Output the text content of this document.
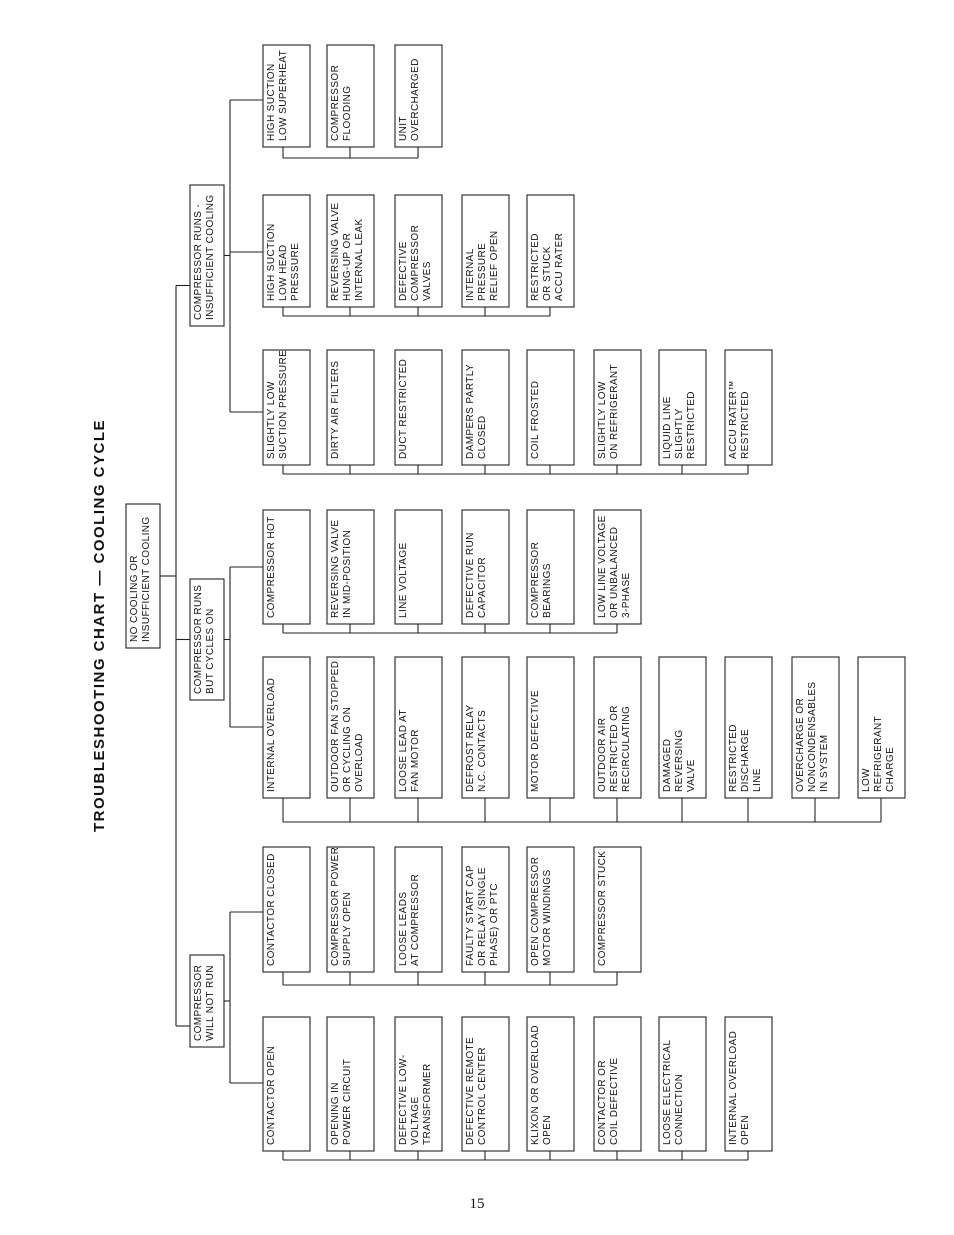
NO COOLING OR INSUFFICIENT COOLING
COMPRESSOR WILL NOT RUN
CONTACTOR CLOSED	COMPRESSOR POWER SUPPLY OPEN	LOOSE LEADS AT COMPRESSOR	FAULTY START CAP OR RELAY (SINGLE PHASE) OR PTC	OPEN COMPRESSOR MOTOR WINDINGS	COMPRESSOR STUCK
CONTACTOR OPEN	OPENING IN POWER CIRCUIT	DEFECTIVE LOW- VOLTAGE TRANSFORMER	DEFECTIVE REMOTE CONTROL CENTER	KLIXON OR OVERLOAD OPEN	CONTACTOR OR COIL DEFECTIVE	LOOSE ELECTRICAL CONNECTION	INTERNAL OVERLOAD OPEN
COMPRESSOR RUNS BUT CYCLES ON
COMPRESSOR HOT	REVERSING VALVE IN MID-POSITION	LINE VOLTAGE	DEFECTIVE RUN CAPACITOR	COMPRESSOR BEARINGS	LOW LINE VOLTAGE OR UNBALANCED 3-PHASE
INTERNAL OVERLOAD	OUTDOOR FAN STOPPED OR CYCLING ON OVERLOAD	LOOSE LEAD AT FAN MOTOR	DEFROST RELAY N.C. CONTACTS	MOTOR DEFECTIVE	OUTDOOR AIR RESTRICTED OR RECIRCULATING	DAMAGED REVERSING VALVE	RESTRICTED DISCHARGE LINE	OVERCHARGE OR NONCONDENSABLES IN SYSTEM	LOW REFRIGERANT CHARGE
COMPRESSOR RUNS - INSUFFICIENT COOLING
HIGH SUCTION LOW SUPERHEAT	COMPRESSOR FLOODING	UNIT OVERCHARGED
HIGH SUCTION LOW HEAD PRESSURE	REVERSING VALVE HUNG-UP OR INTERNAL LEAK	DEFECTIVE COMPRESSOR VALVES	INTERNAL PRESSURE RELIEF OPEN	RESTRICTED OR STUCK ACCU RATER
SLIGHTLY LOW SUCTION PRESSURE	DIRTY AIR FILTERS	DUCT RESTRICTED	DAMPERS PARTLY CLOSED	COIL FROSTED	SLIGHTLY LOW ON REFRIGERANT	LIQUID LINE SLIGHTLY RESTRICTED	ACCU RATER™ RESTRICTED
TROUBLESHOOTING CHART — COOLING CYCLE
15
